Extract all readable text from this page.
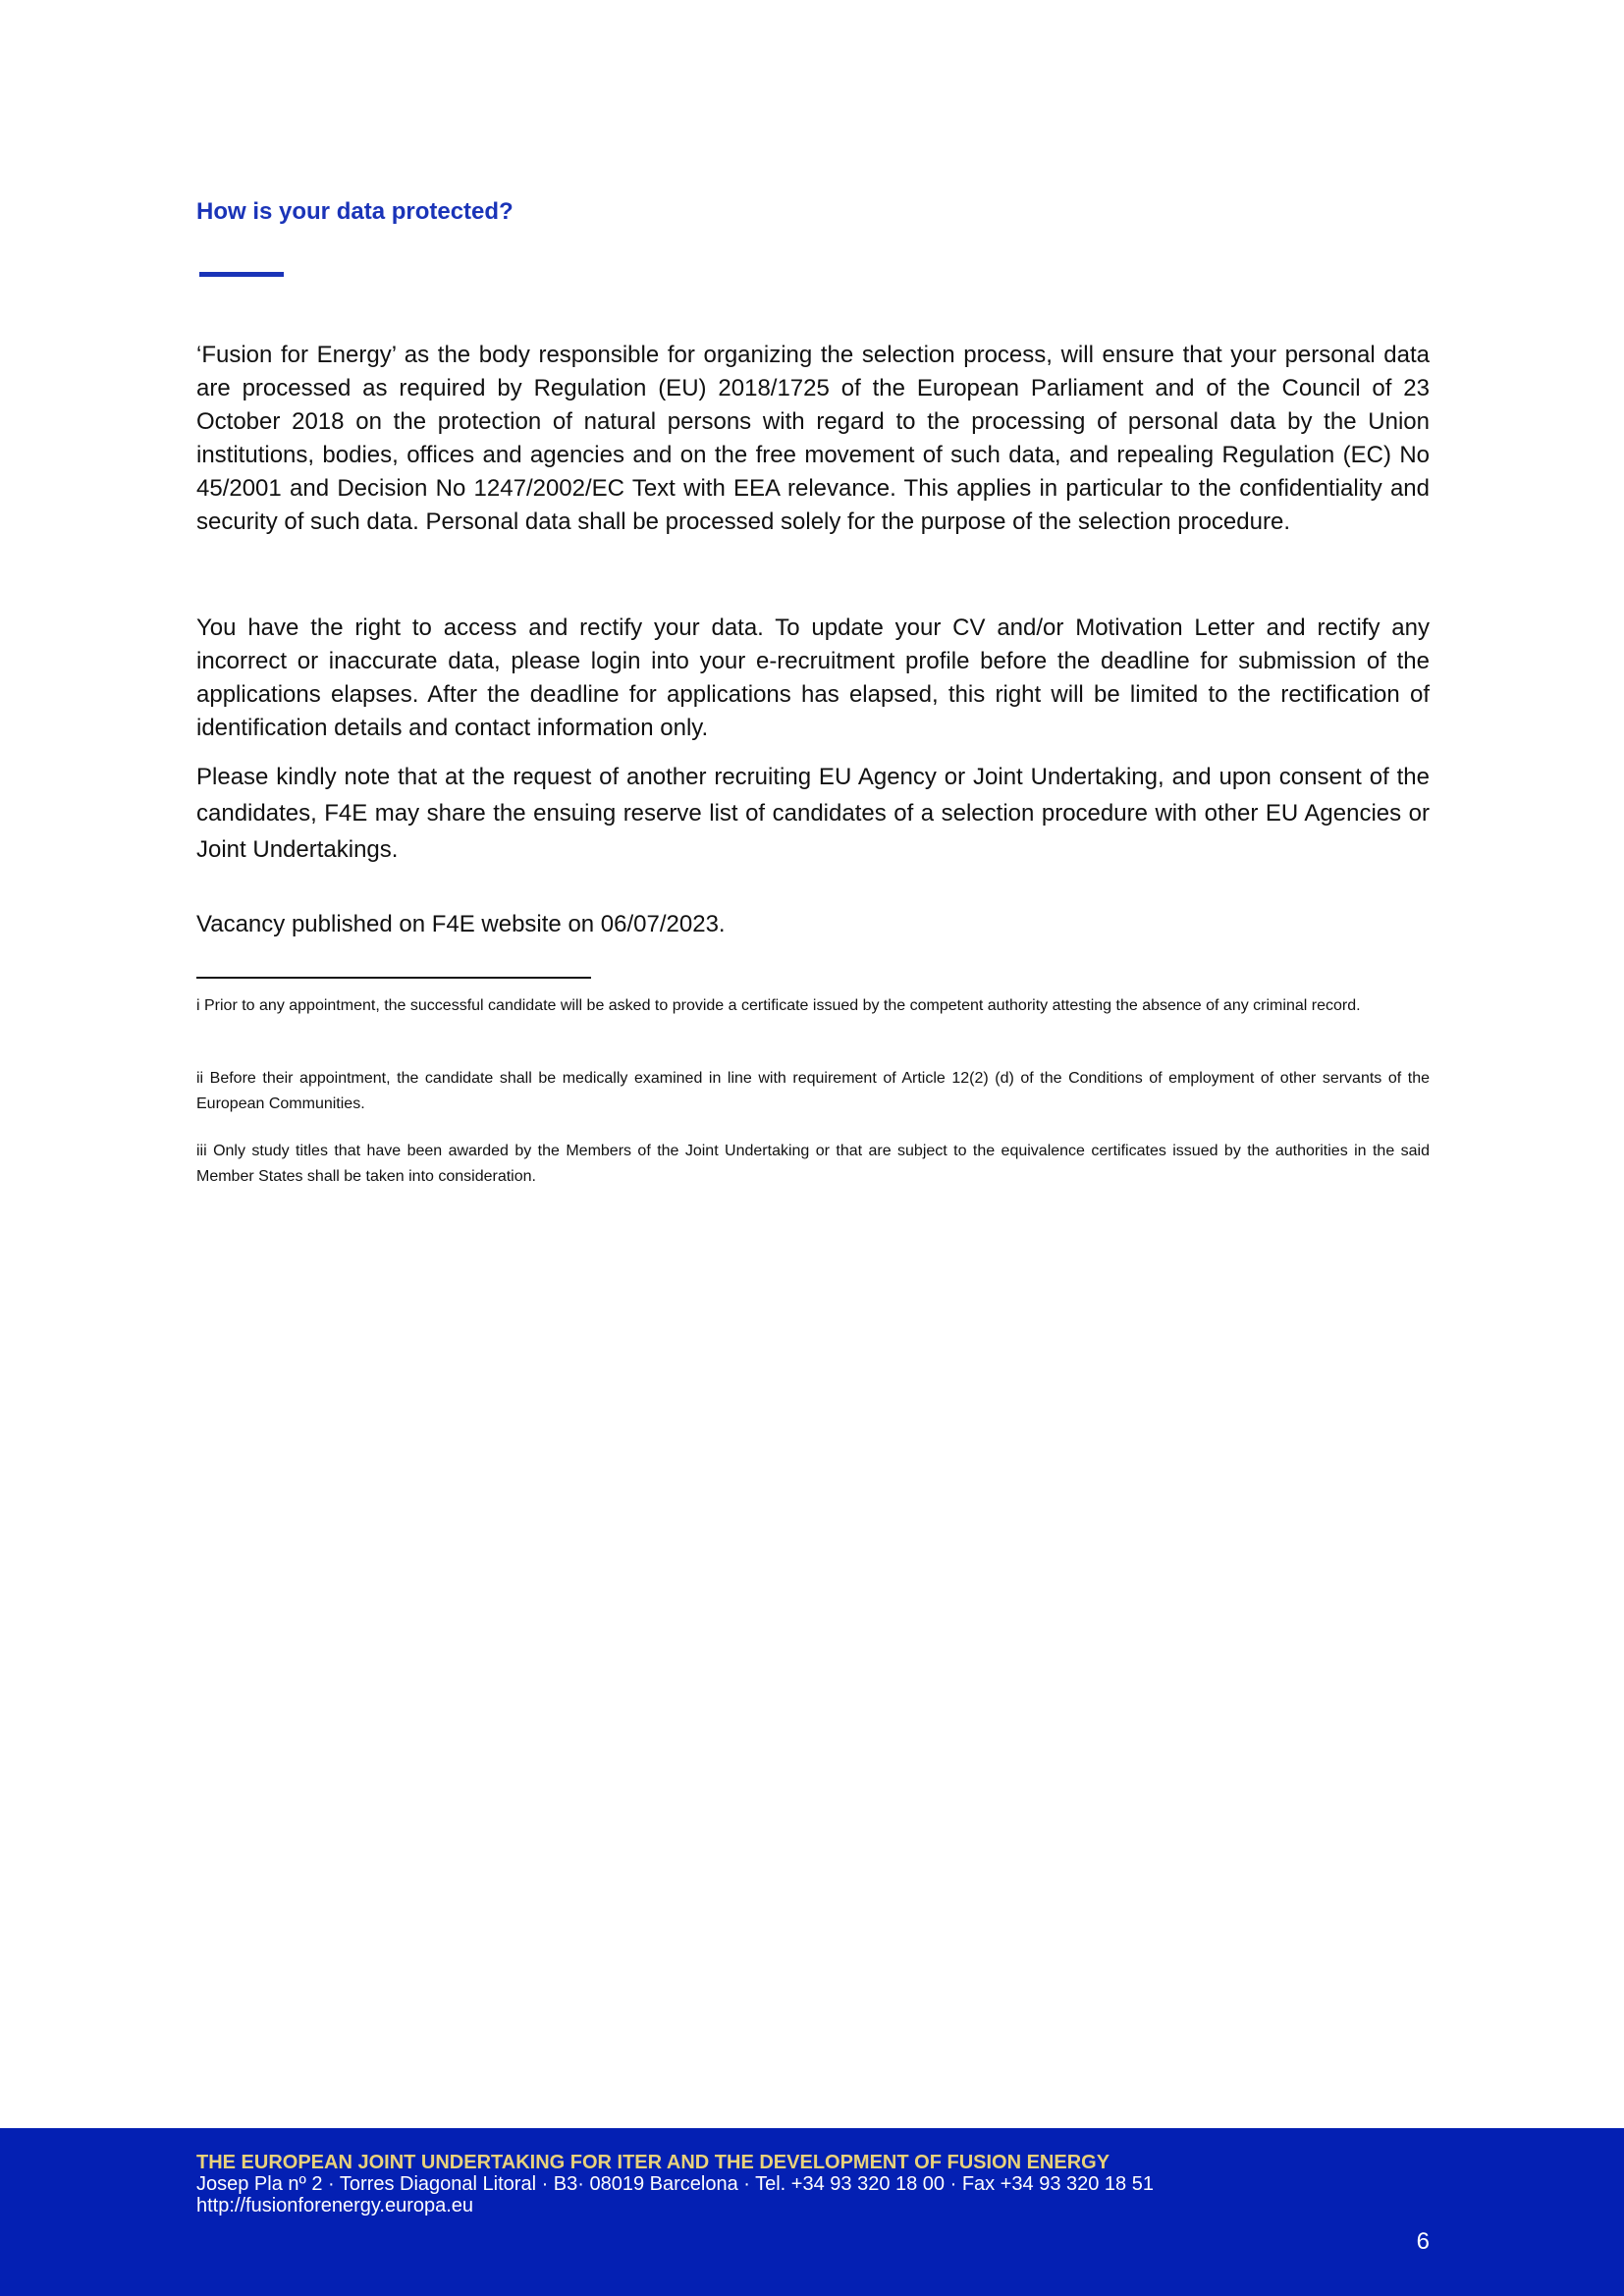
How is your data protected?

‘Fusion for Energy’ as the body responsible for organizing the selection process, will ensure that your personal data are processed as required by Regulation (EU) 2018/1725 of the European Parliament and of the Council of 23 October 2018 on the protection of natural persons with regard to the processing of personal data by the Union institutions, bodies, offices and agencies and on the free movement of such data, and repealing Regulation (EC) No 45/2001 and Decision No 1247/2002/EC Text with EEA relevance. This applies in particular to the confidentiality and security of such data. Personal data shall be processed solely for the purpose of the selection procedure.

You have the right to access and rectify your data. To update your CV and/or Motivation Letter and rectify any incorrect or inaccurate data, please login into your e-recruitment profile before the deadline for submission of the applications elapses. After the deadline for applications has elapsed, this right will be limited to the rectification of identification details and contact information only.

Please kindly note that at the request of another recruiting EU Agency or Joint Undertaking, and upon consent of the candidates, F4E may share the ensuing reserve list of candidates of a selection procedure with other EU Agencies or Joint Undertakings.

Vacancy published on F4E website on 06/07/2023.

i Prior to any appointment, the successful candidate will be asked to provide a certificate issued by the competent authority attesting the absence of any criminal record.

ii Before their appointment, the candidate shall be medically examined in line with requirement of Article 12(2) (d) of the Conditions of employment of other servants of the European Communities.

iii Only study titles that have been awarded by the Members of the Joint Undertaking or that are subject to the equivalence certificates issued by the authorities in the said Member States shall be taken into consideration.

THE EUROPEAN JOINT UNDERTAKING FOR ITER AND THE DEVELOPMENT OF FUSION ENERGY
Josep Pla nº 2 · Torres Diagonal Litoral · B3· 08019 Barcelona · Tel. +34 93 320 18 00 · Fax +34 93 320 18 51
http://fusionforenergy.europa.eu
6
